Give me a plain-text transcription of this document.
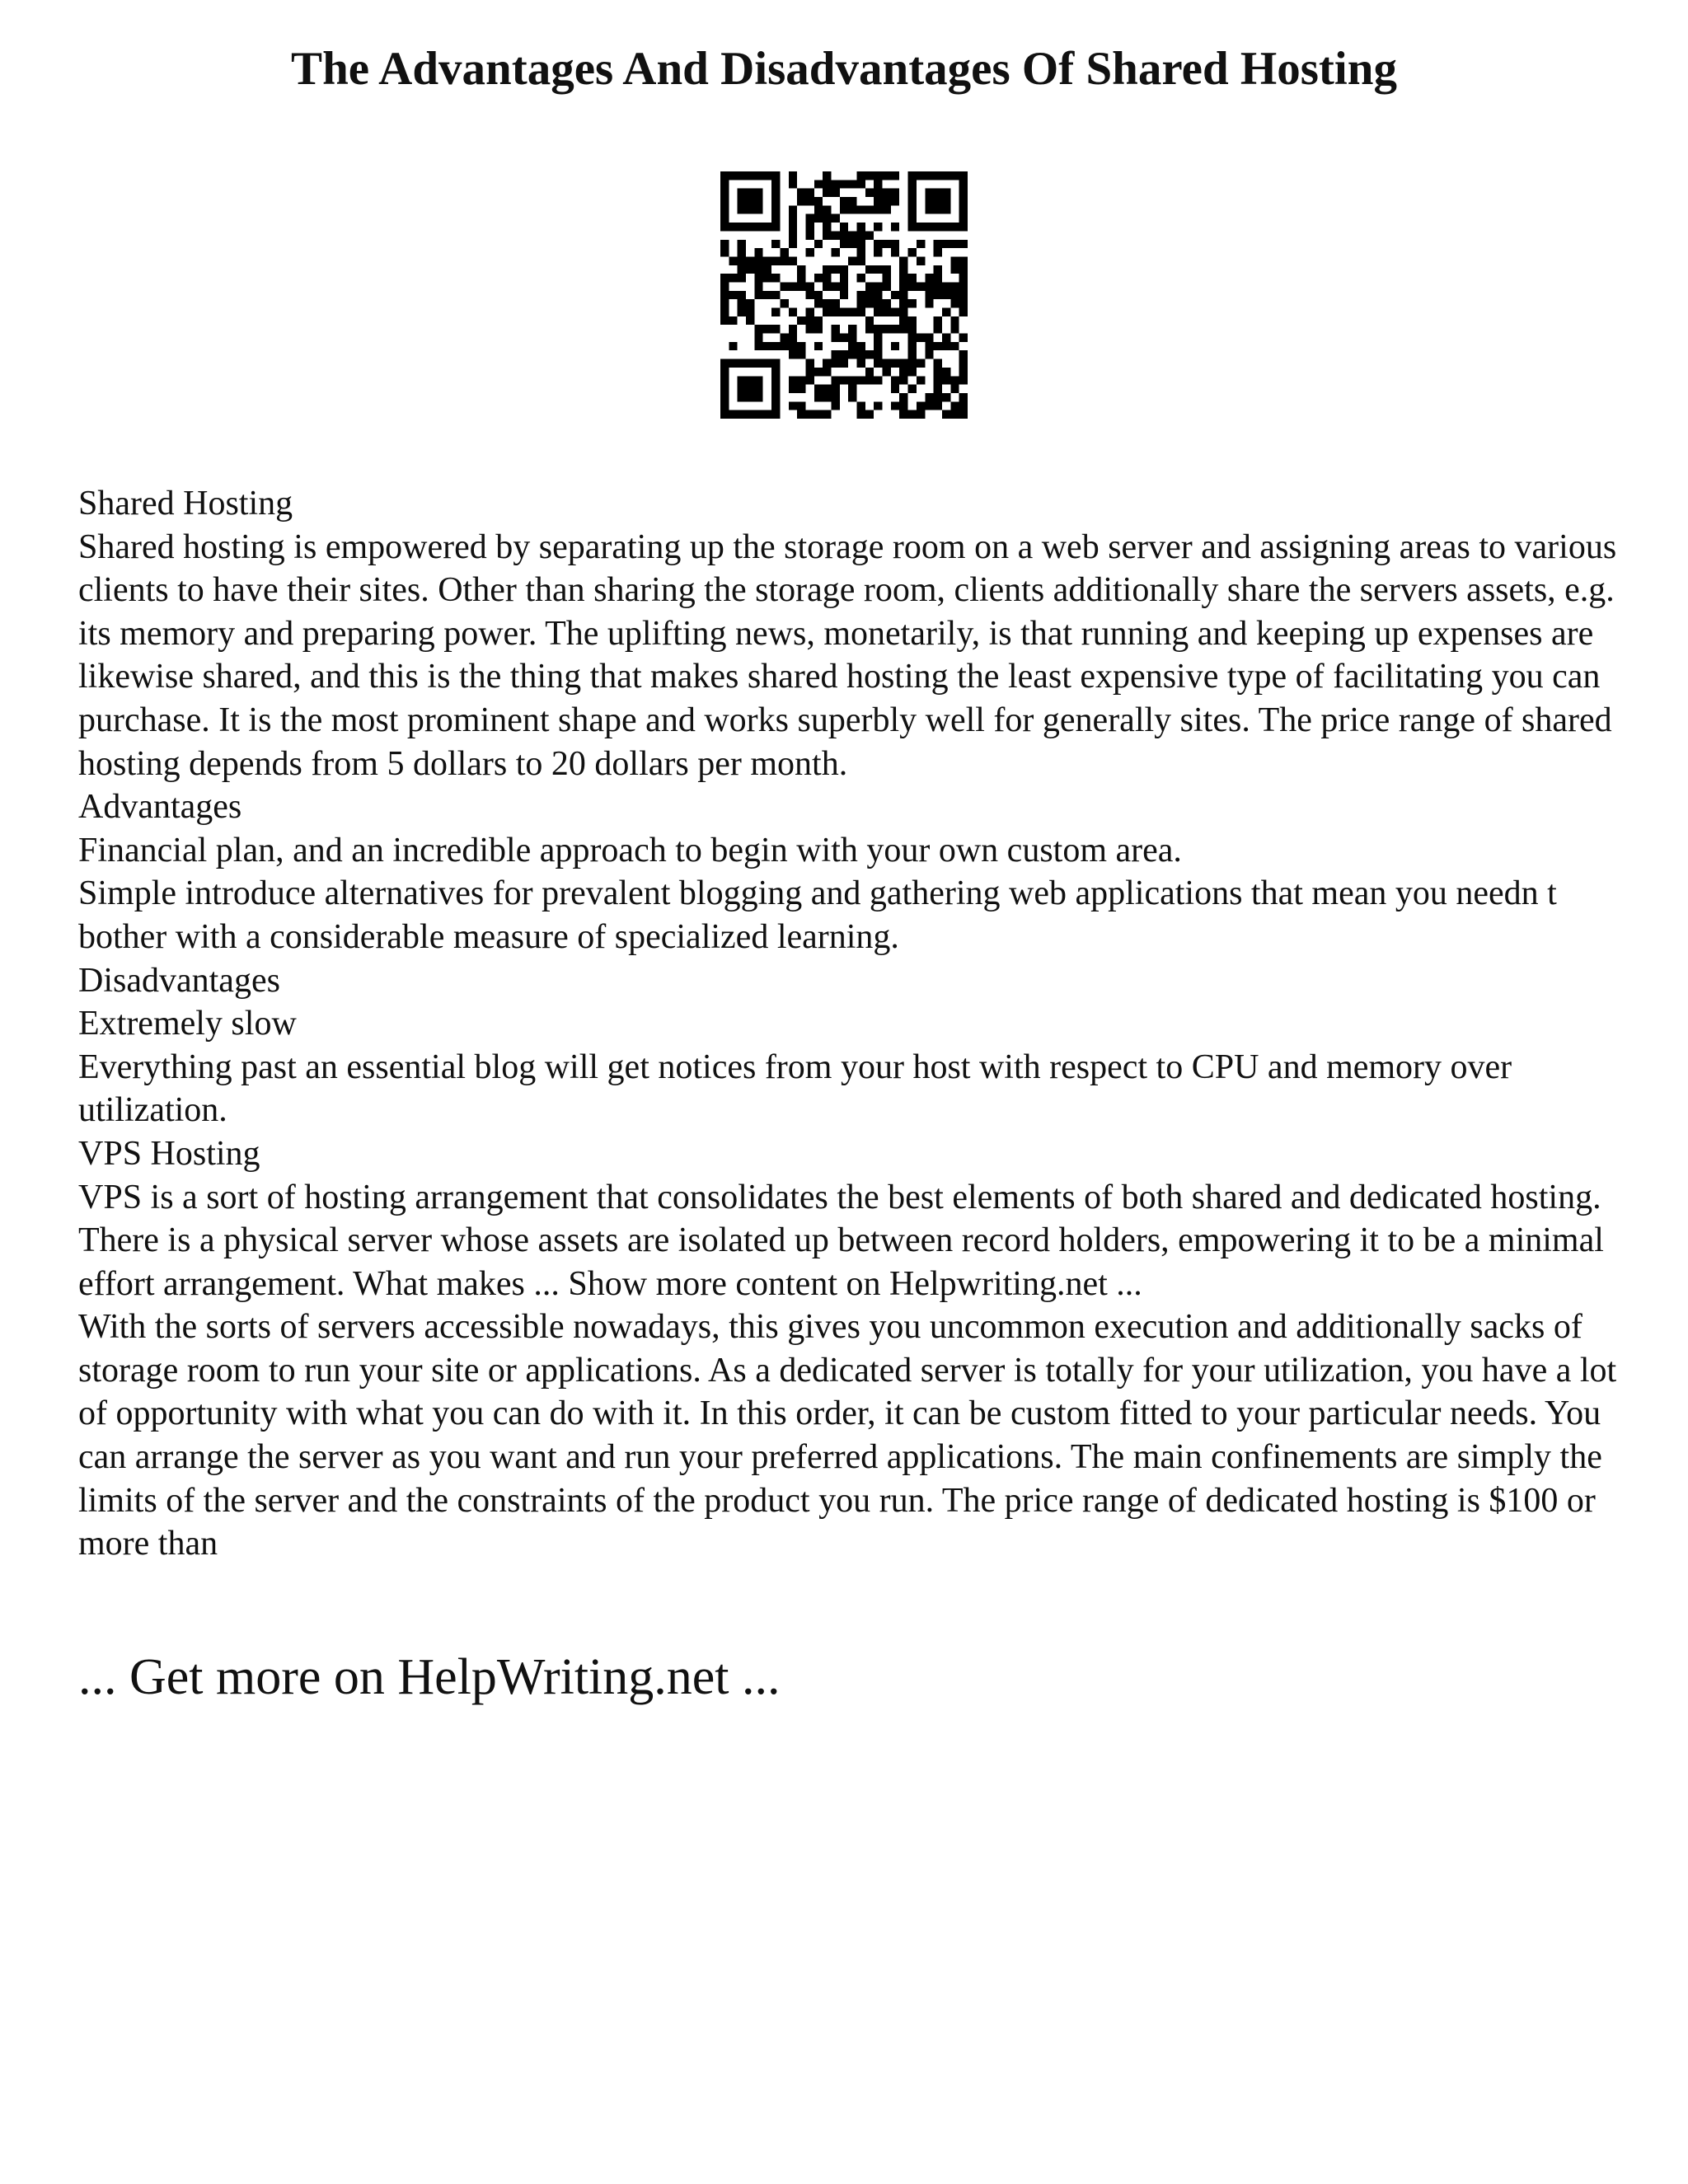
The Advantages And Disadvantages Of Shared Hosting

Shared Hosting

Shared hosting is empowered by separating up the storage room on a web server and assigning areas to various clients to have their sites. Other than sharing the storage room, clients additionally share the servers assets, e.g. its memory and preparing power. The uplifting news, monetarily, is that running and keeping up expenses are likewise shared, and this is the thing that makes shared hosting the least expensive type of facilitating you can purchase. It is the most prominent shape and works superbly well for generally sites. The price range of shared hosting depends from 5 dollars to 20 dollars per month.

Advantages

Financial plan, and an incredible approach to begin with your own custom area.

Simple introduce alternatives for prevalent blogging and gathering web applications that mean you needn t bother with a considerable measure of specialized learning.

Disadvantages

Extremely slow

Everything past an essential blog will get notices from your host with respect to CPU and memory over utilization.

VPS Hosting

VPS is a sort of hosting arrangement that consolidates the best elements of both shared and dedicated hosting. There is a physical server whose assets are isolated up between record holders, empowering it to be a minimal effort arrangement. What makes ... Show more content on Helpwriting.net ...

With the sorts of servers accessible nowadays, this gives you uncommon execution and additionally sacks of storage room to run your site or applications. As a dedicated server is totally for your utilization, you have a lot of opportunity with what you can do with it. In this order, it can be custom fitted to your particular needs. You can arrange the server as you want and run your preferred applications. The main confinements are simply the limits of the server and the constraints of the product you run. The price range of dedicated hosting is $100 or more than

... Get more on HelpWriting.net ...
